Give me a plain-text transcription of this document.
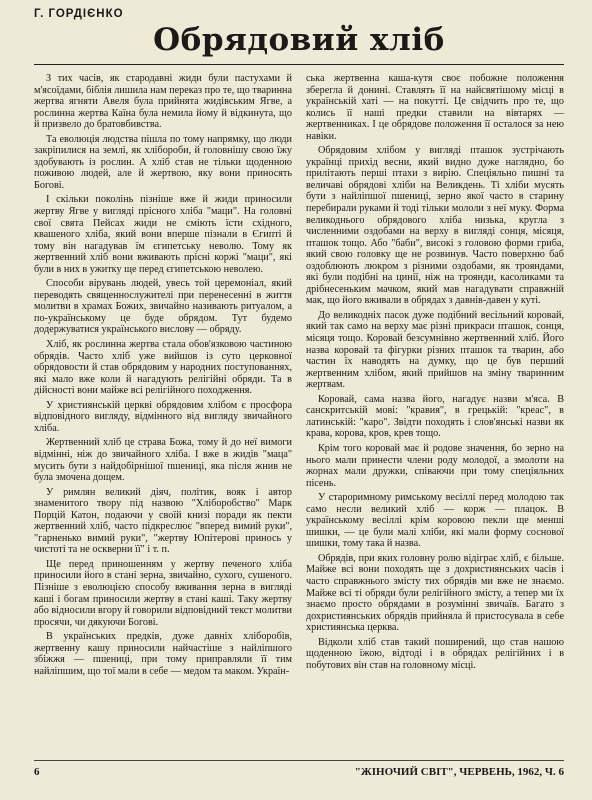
Г. ГОРДІЄНКО
Обрядовий хліб

З тих часів, як стародавні жиди були пастухами й м'ясоїдами, біблія лишила нам переказ про те, що тваринна жертва ягняти Авеля була прийнята жидівським Ягве, а рослинна жертва Каїна була немила йому й відкинута, що й призвело до братовбивства.

Та еволюція людства пішла по тому напрямку, що люди закріпилися на землі, як хлібороби, й головнішу свою їжу здобувають із рослин. А хліб став не тільки щоденною поживою людей, але й жертвою, яку вони приносять Богові.

І скільки поколінь пізніше вже й жиди приносили жертву Ягве у вигляді прісного хліба "маци". На головні свої свята Пейсах жиди не сміють їсти східного, квашеного хліба, який вони вперше пізнали в Єгипті й тому він нагадував їм єгипетську неволю. Тому як жертвенний хліб вони вживають прісні коржі "маци", які були в них в ужитку ще перед єгипетською неволею.

Способи вірувань людей, увесь той церемоніал, який переводять священнослужителі при перенесенні в життя молитви в храмах Божих, звичайно називають ритуалом, а по-українському це буде обрядом. Тут будемо додержуватися українського вислову — обряду.

Хліб, як рослинна жертва стала обов'язковою частиною обрядів. Часто хліб уже вийшов із суто церковної обрядовости й став обрядовим у народних поступованнях, які мало вже коли й нагадують релігійні обряди. Та в дійсності вони майже всі релігійного походження.

У християнській церкві обрядовим хлібом є просфора відповідного вигляду, відмінного від вигляду звичайного хліба.

Жертвенний хліб це страва Божа, тому й до неї вимоги відмінні, ніж до звичайного хліба. І вже в жидів "маца" мусить бути з найдобірнішої пшениці, яка після жнив не була змочена дощем.

У римлян великий діяч, політик, вояк і автор знаменитого твору під назвою "Хліборобство" Марк Порцій Катон, подаючи у своїй книзі поради як пекти жертвенний хліб, часто підкреслює "вперед вимий руки", "гарненько вимий руки", "жертву Юпітерові принось у чистоті та не оскверни її" і т. п.

Ще перед приношенням у жертву печеного хліба приносили його в стані зерна, звичайно, сухого, сушеного. Пізніше з еволюцією способу вживання зерна в вигляді каші і богам приносили жертву в стані каші. Таку жертву або відносили вгору й говорили відповідний текст молитви просячи, чи дякуючи Богові.

В українських предків, дуже давніх хліборобів, жертвенну кашу приносили найчастіше з найліпшого збіжжя — пшениці, при тому приправляли її тим найліпшим, що тої мали в себе — медом та маком. Україн-

ська жертвенна каша-кутя своє побожне положення зберегла й донині. Ставлять її на найсвятішому місці в українській хаті — на покутті. Це свідчить про те, що колись її наші предки ставили на вівтарях — жертвенниках. І це обрядове положення її осталося за нею навіки.

Обрядовим хлібом у вигляді пташок зустрічають українці прихід весни, який видно дуже наглядно, бо прилітають перші птахи з вирію. Спеціяльно пишні та величаві обрядові хліби на Великдень. Ті хліби мусять бути з найліпшої пшениці, зерно якої часто в старину перебирали руками й тоді тільки мололи з неї муку. Форма великоднього обрядового хліба низька, кругла з численними оздобами на верху в вигляді сонця, місяця, пташок тощо. Або "баби", високі з головою форми гриба, який свою головку ще не розвинув. Часто поверхню баб оздоблюють люкром з різними оздобами, як трояндами, які були подібні на цинії, ніж на троянди, касоликами та дрібнесеньким мачком, який мав нагадувати справжній мак, що його вживали в обрядах з давнів-давен у куті.

До великодніх пасок дуже подібний весільний коровай, який так само на верху має різні прикраси пташок, сонця, місяця тощо. Коровай безсумнівно жертвенний хліб. Його назва коровай та фігурки різних пташок та тварин, або частин їх наводять на думку, що це був перший жертвенним хлібом, який прийшов на зміну тваринним жертвам.

Коровай, сама назва його, нагадує назви м'яса. В санскритській мові: "кравия", в грецькій: "креас", в латинській: "каро". Звідти походять і слов'янські назви як крава, корова, кров, крев тощо.

Крім того коровай має й родове значення, бо зерно на нього мали принести члени роду молодої, а змолоти на жорнах мали дружки, співаючи при тому спеціяльних пісень.

У староримному римському весіллі перед молодою так само несли великий хліб — корж — плацок. В українському весіллі крім коровою пекли ще менші шишки, — це були малі хліби, які мали форму соснової шишки, тому така й назва.

Обрядів, при яких головну ролю відіграє хліб, є більше. Майже всі вони походять ще з дохристиянських часів і часто справжнього змісту тих обрядів ми вже не знаємо. Майже всі ті обряди були релігійного змісту, а тепер ми їх знаємо просто обрядами в розумінні звичаїв. Багато з дохристиянських обрядів прийняла й пристосувала в себе християнська церква.

Відколи хліб став такий поширений, що став нашою щоденною їжою, відтоді і в обрядах релігійних і в побутових він став на головному місці.

6	"ЖІНОЧИЙ СВІТ", ЧЕРВЕНЬ, 1962, Ч. 6
